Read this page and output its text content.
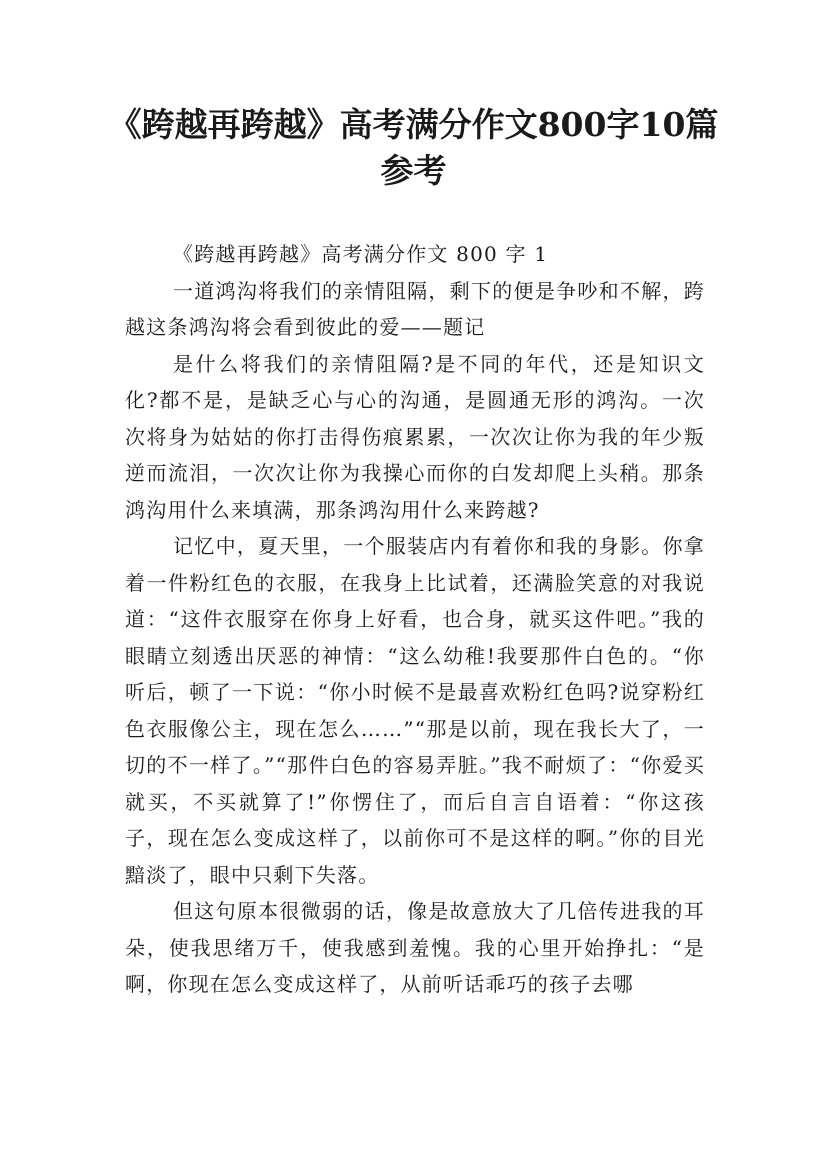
《跨越再跨越》高考满分作文800字10篇
参考

《跨越再跨越》高考满分作文 800 字 1

一道鸿沟将我们的亲情阻隔，剩下的便是争吵和不解，跨越这条鸿沟将会看到彼此的爱——题记

是什么将我们的亲情阻隔?是不同的年代，还是知识文化?都不是，是缺乏心与心的沟通，是圆通无形的鸿沟。一次次将身为姑姑的你打击得伤痕累累，一次次让你为我的年少叛逆而流泪，一次次让你为我操心而你的白发却爬上头稍。那条鸿沟用什么来填满，那条鸿沟用什么来跨越?

记忆中，夏天里，一个服装店内有着你和我的身影。你拿着一件粉红色的衣服，在我身上比试着，还满脸笑意的对我说道：“这件衣服穿在你身上好看，也合身，就买这件吧。”我的眼睛立刻透出厌恶的神情：“这么幼稚!我要那件白色的。“你听后，顿了一下说：“你小时候不是最喜欢粉红色吗?说穿粉红色衣服像公主，现在怎么……”“那是以前，现在我长大了，一切的不一样了。”“那件白色的容易弄脏。”我不耐烦了：“你爱买就买，不买就算了!”你愣住了，而后自言自语着：“你这孩子，现在怎么变成这样了，以前你可不是这样的啊。”你的目光黯淡了，眼中只剩下失落。

但这句原本很微弱的话，像是故意放大了几倍传进我的耳朵，使我思绪万千，使我感到羞愧。我的心里开始挣扎：“是啊，你现在怎么变成这样了，从前听话乖巧的孩子去哪
